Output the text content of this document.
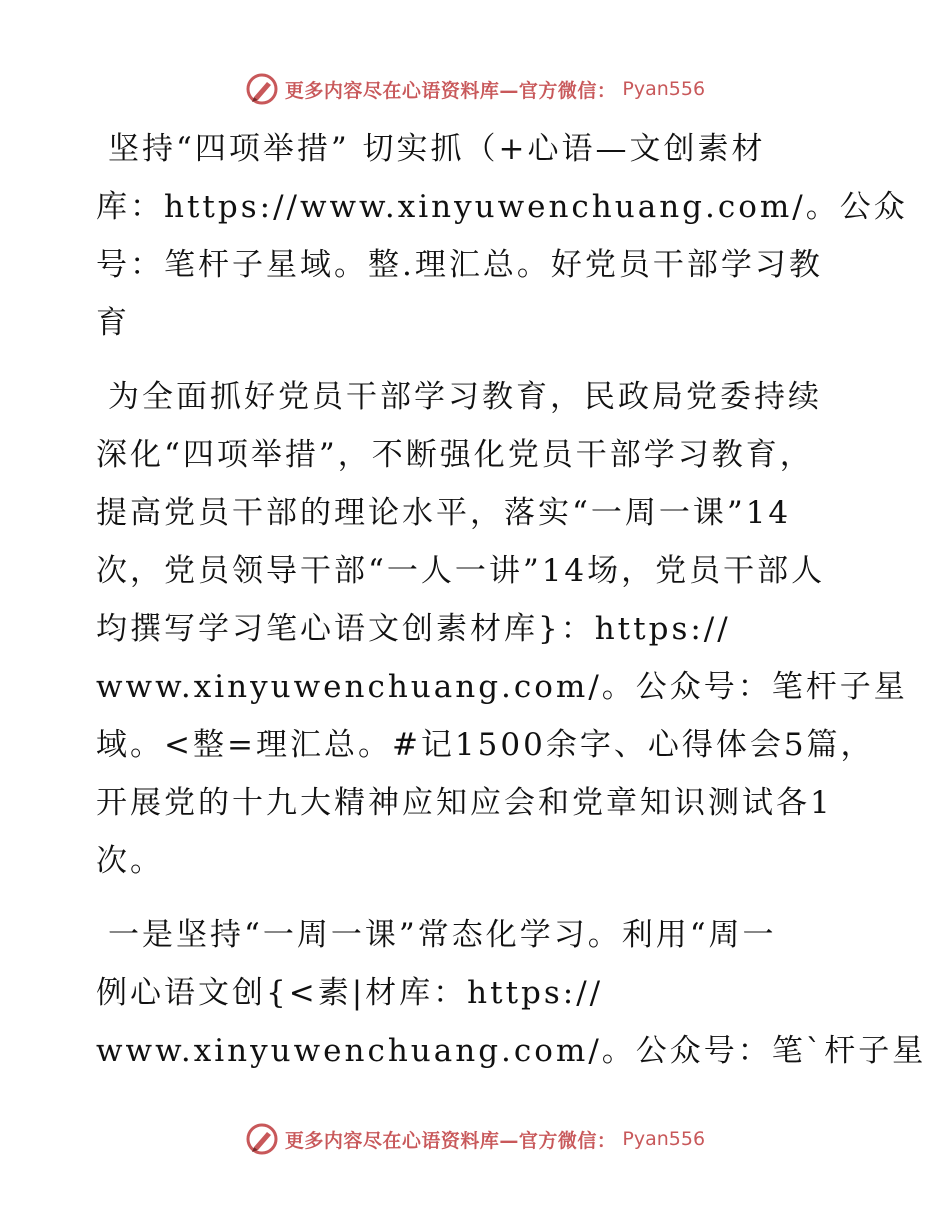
更多内容尽在心语资料库—官方微信： Pyan556
坚持“四项举措” 切实抓（+心语—文创素材
库：https://www.xinyuwenchuang.com/。公众
号：笔杆子星域。整.理汇总。好党员干部学习教
育
为全面抓好党员干部学习教育，民政局党委持续
深化“四项举措”，不断强化党员干部学习教育，
提高党员干部的理论水平，落实“一周一课”14
次，党员领导干部“一人一讲”14场，党员干部人
均撰写学习笔心语文创素材库}：https://
www.xinyuwenchuang.com/。公众号：笔杆子星
域。<整=理汇总。#记1500余字、心得体会5篇，
开展党的十九大精神应知应会和党章知识测试各1
次。
一是坚持“一周一课”常态化学习。利用“周一
例心语文创{<素|材库：https://
www.xinyuwenchuang.com/。公众号：笔`杆子星
更多内容尽在心语资料库—官方微信： Pyan556
